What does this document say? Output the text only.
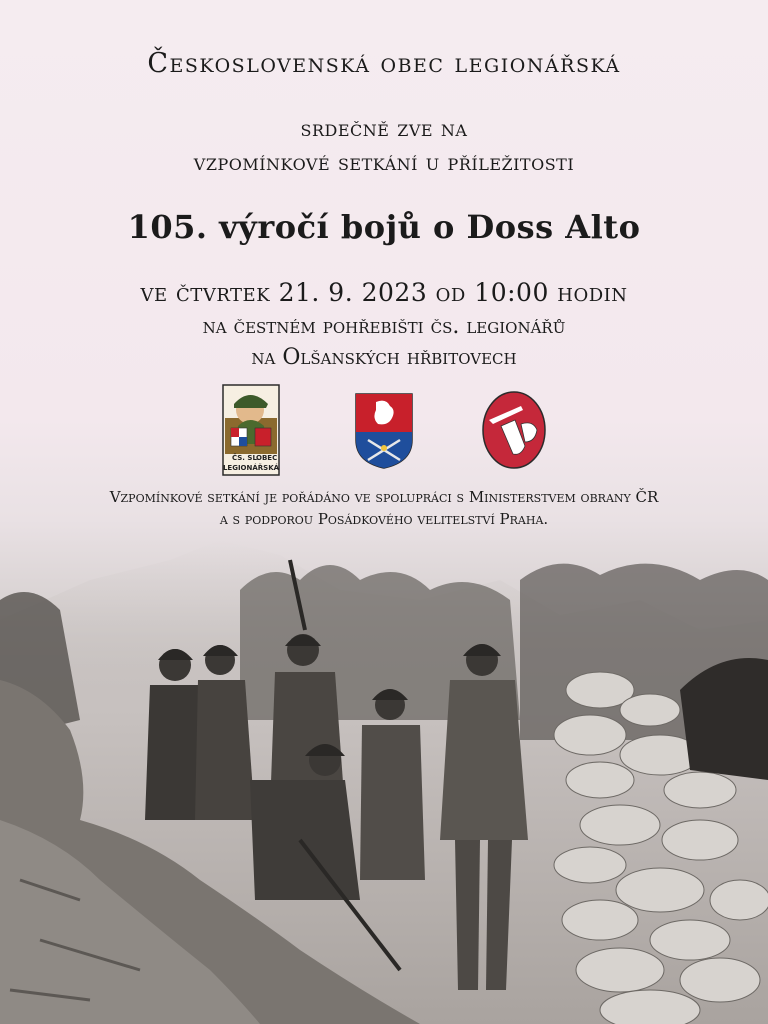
Československá obec legionářská
srdečně zve na
vzpomínkové setkání u příležitosti
105. výročí bojů o Doss Alto
ve čtvrtek 21. 9. 2023 od 10:00 hodin
na čestném pohřebišti čs. legionářů
na Olšanských hřbitovech
ČS. SL.
OBEC
LEGIONÁŘSKÁ
Vzpomínkové setkání je pořádáno ve spolupráci s Ministerstvem obrany ČR
a s podporou Posádkového velitelství Praha.
